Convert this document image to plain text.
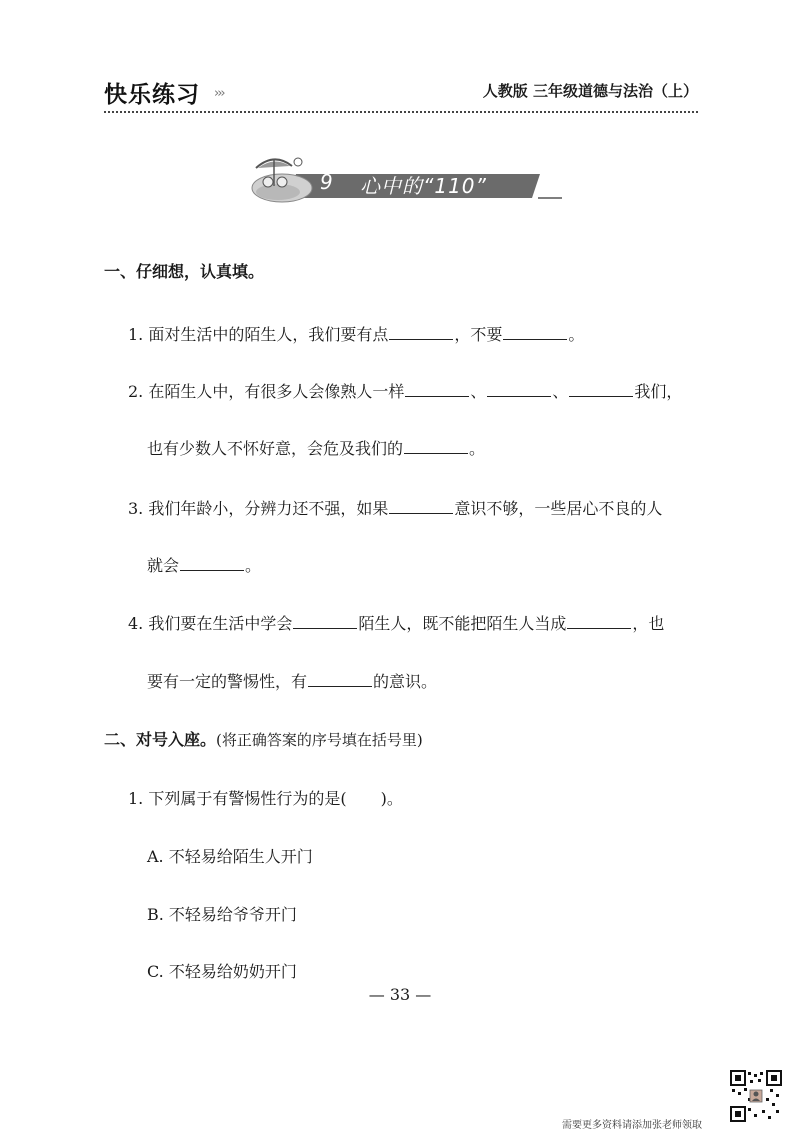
快乐练习 ›››	人教版 三年级道德与法治（上）
9 心中的“110”
一、仔细想，认真填。
1. 面对生活中的陌生人，我们要有点	，不要	。
2. 在陌生人中，有很多人会像熟人一样	、	、	我们，
也有少数人不怀好意，会危及我们的	。
3. 我们年龄小，分辨力还不强，如果	意识不够，一些居心不良的人
就会	。
4. 我们要在生活中学会	陌生人，既不能把陌生人当成	，也
要有一定的警惕性，有	的意识。
二、对号入座。(将正确答案的序号填在括号里)
1. 下列属于有警惕性行为的是( )。
A. 不轻易给陌生人开门
B. 不轻易给爷爷开门
C. 不轻易给奶奶开门
— 33 —
需要更多资料请添加张老师领取
